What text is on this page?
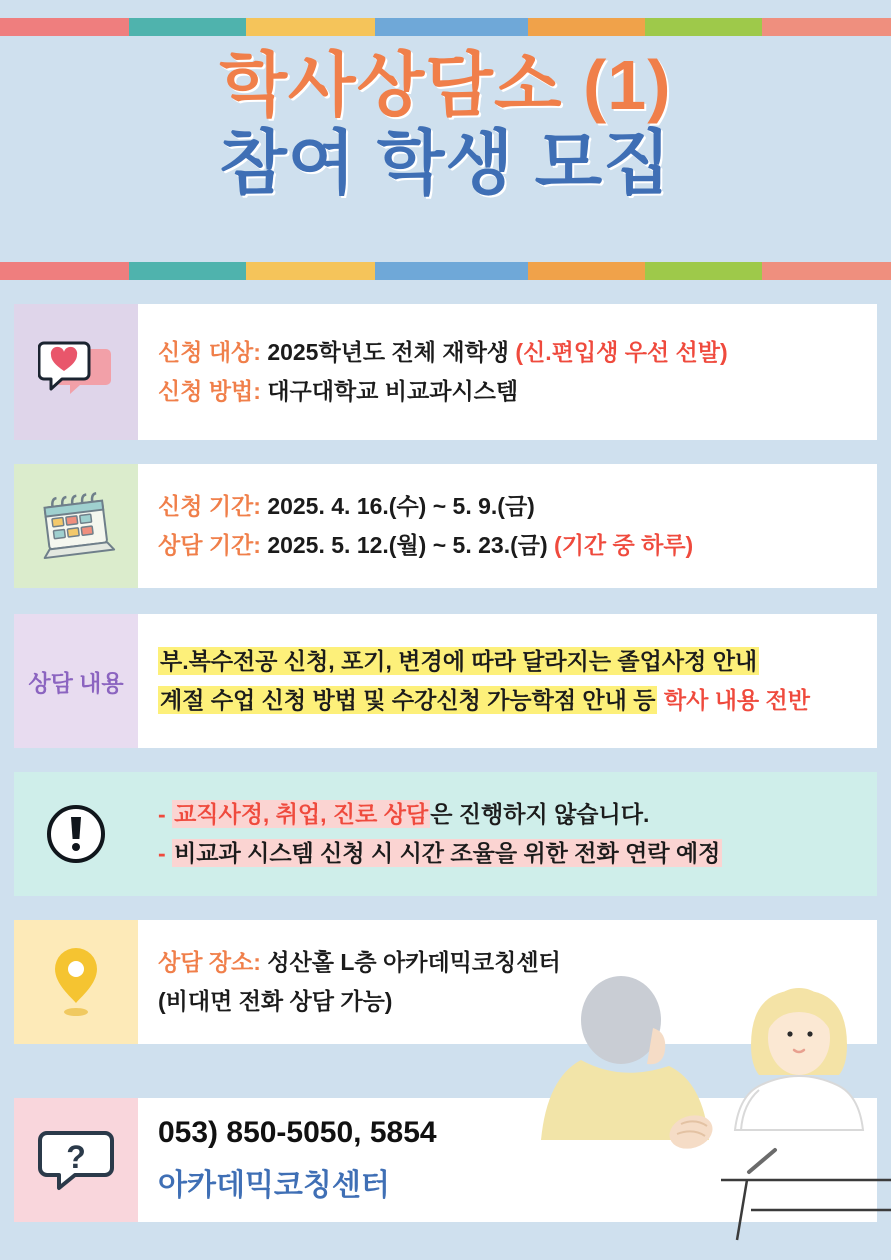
학사상담소 (1)
참여 학생 모집
신청 대상: 2025학년도 전체 재학생 (신.편입생 우선 선발)
신청 방법: 대구대학교 비교과시스템
신청 기간: 2025. 4. 16.(수) ~ 5. 9.(금)
상담 기간: 2025. 5. 12.(월) ~ 5. 23.(금) (기간 중 하루)
상담 내용
부.복수전공 신청, 포기, 변경에 따라 달라지는 졸업사정 안내
계절 수업 신청 방법 및 수강신청 가능학점 안내 등 학사 내용 전반
- 교직사정, 취업, 진로 상담은 진행하지 않습니다.
- 비교과 시스템 신청 시 시간 조율을 위한 전화 연락 예정
상담 장소: 성산홀 L층 아카데믹코칭센터
(비대면 전화 상담 가능)
?
053) 850-5050, 5854
아카데믹코칭센터
